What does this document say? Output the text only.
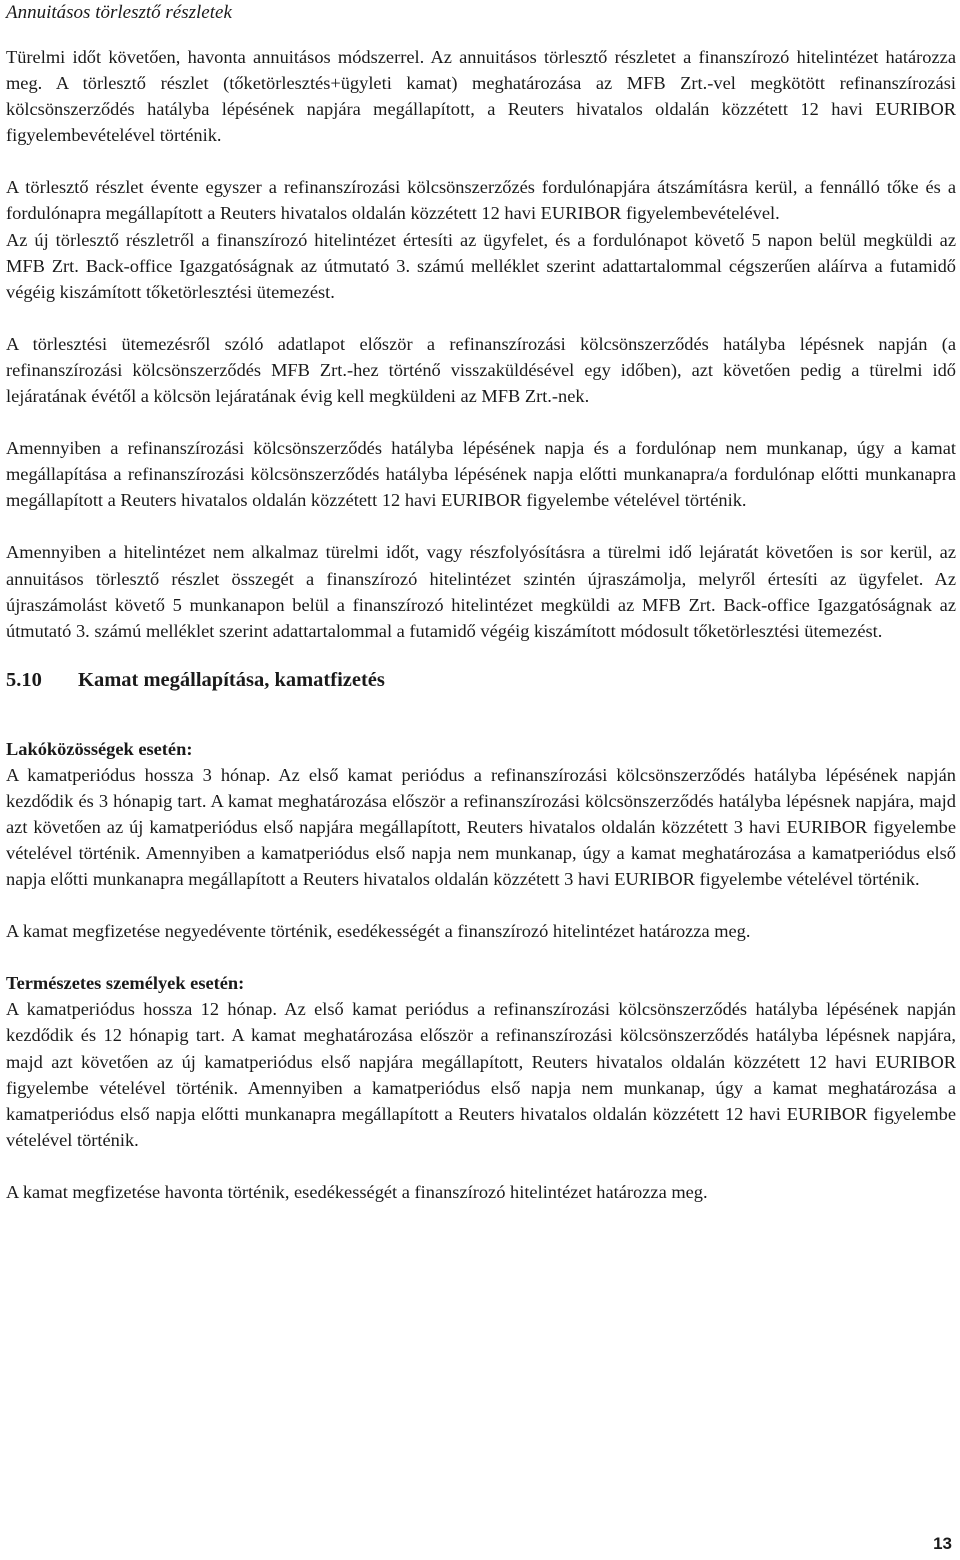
Annuitásos törlesztő részletek

Türelmi időt követően, havonta annuitásos módszerrel. Az annuitásos törlesztő részletet a finanszírozó hitelintézet határozza meg. A törlesztő részlet (tőketörlesztés+ügyleti kamat) meghatározása az MFB Zrt.-vel megkötött refinanszírozási kölcsönszerződés hatályba lépésének napjára megállapított, a Reuters hivatalos oldalán közzétett 12 havi EURIBOR figyelembevételével történik.

A törlesztő részlet évente egyszer a refinanszírozási kölcsönszerzőzés fordulónapjára átszámításra kerül, a fennálló tőke és a fordulónapra megállapított a Reuters hivatalos oldalán közzétett 12 havi EURIBOR figyelembevételével.

Az új törlesztő részletről a finanszírozó hitelintézet értesíti az ügyfelet, és a fordulónapot követő 5 napon belül megküldi az MFB Zrt. Back-office Igazgatóságnak az útmutató 3. számú melléklet szerint adattartalommal cégszerűen aláírva a futamidő végéig kiszámított tőketörlesztési ütemezést.

A törlesztési ütemezésről szóló adatlapot először a refinanszírozási kölcsönszerződés hatályba lépésnek napján (a refinanszírozási kölcsönszerződés MFB Zrt.-hez történő visszaküldésével egy időben), azt követően pedig a türelmi idő lejáratának évétől a kölcsön lejáratának évig kell megküldeni az MFB Zrt.-nek.

Amennyiben a refinanszírozási kölcsönszerződés hatályba lépésének napja és a fordulónap nem munkanap, úgy a kamat megállapítása a refinanszírozási kölcsönszerződés hatályba lépésének napja előtti munkanapra/a fordulónap előtti munkanapra megállapított a Reuters hivatalos oldalán közzétett 12 havi EURIBOR figyelembe vételével történik.

Amennyiben a hitelintézet nem alkalmaz türelmi időt, vagy részfolyósításra a türelmi idő lejáratát követően is sor kerül, az annuitásos törlesztő részlet összegét a finanszírozó hitelintézet szintén újraszámolja, melyről értesíti az ügyfelet. Az újraszámolást követő 5 munkanapon belül a finanszírozó hitelintézet megküldi az MFB Zrt. Back-office Igazgatóságnak az útmutató 3. számú melléklet szerint adattartalommal a futamidő végéig kiszámított módosult tőketörlesztési ütemezést.

5.10	Kamat megállapítása, kamatfizetés
Lakóközösségek esetén:

A kamatperiódus hossza 3 hónap. Az első kamat periódus a refinanszírozási kölcsönszerződés hatályba lépésének napján kezdődik és 3 hónapig tart. A kamat meghatározása először a refinanszírozási kölcsönszerződés hatályba lépésnek napjára, majd azt követően az új kamatperiódus első napjára megállapított, Reuters hivatalos oldalán közzétett 3 havi EURIBOR figyelembe vételével történik. Amennyiben a kamatperiódus első napja nem munkanap, úgy a kamat meghatározása a kamatperiódus első napja előtti munkanapra megállapított a Reuters hivatalos oldalán közzétett 3 havi EURIBOR figyelembe vételével történik.

A kamat megfizetése negyedévente történik, esedékességét a finanszírozó hitelintézet határozza meg.

Természetes személyek esetén:

A kamatperiódus hossza 12 hónap. Az első kamat periódus a refinanszírozási kölcsönszerződés hatályba lépésének napján kezdődik és 12 hónapig tart. A kamat meghatározása először a refinanszírozási kölcsönszerződés hatályba lépésnek napjára, majd azt követően az új kamatperiódus első napjára megállapított, Reuters hivatalos oldalán közzétett 12 havi EURIBOR figyelembe vételével történik. Amennyiben a kamatperiódus első napja nem munkanap, úgy a kamat meghatározása a kamatperiódus első napja előtti munkanapra megállapított a Reuters hivatalos oldalán közzétett 12 havi EURIBOR figyelembe vételével történik.

A kamat megfizetése havonta történik, esedékességét a finanszírozó hitelintézet határozza meg.

13
